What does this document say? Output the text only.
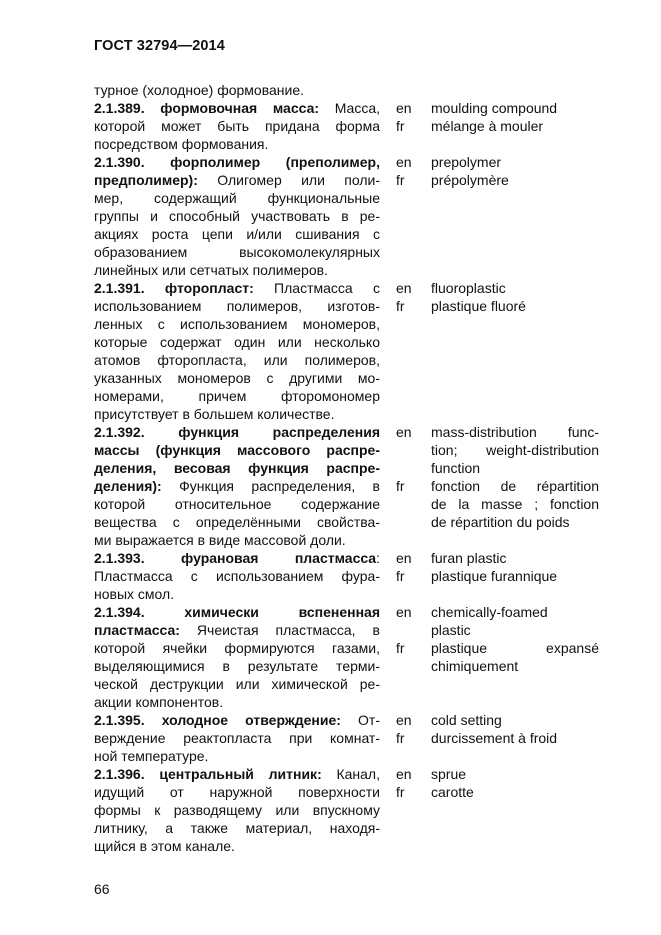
ГОСТ 32794—2014
турное (холодное) формование.
2.1.389. формовочная масса: Масса,
которой может быть придана форма
посредством формования.
en moulding compound
fr mélange à mouler
2.1.390. форполимер (преполимер,
предполимер): Олигомер или поли-
мер, содержащий функциональные
группы и способный участвовать в ре-
акциях роста цепи и/или сшивания с
образованием высокомолекулярных
линейных или сетчатых полимеров.
en prepolymer
fr prépolymère
2.1.391. фторопласт: Пластмасса с
использованием полимеров, изготов-
ленных с использованием мономеров,
которые содержат один или несколько
атомов фторопласта, или полимеров,
указанных мономеров с другими мо-
номерами, причем фторомономер
присутствует в большем количестве.
en fluoroplastic
fr plastique fluoré
2.1.392. функция распределения
массы (функция массового распре-
деления, весовая функция распре-
деления): Функция распределения, в
которой относительное содержание
вещества с определёнными свойства-
ми выражается в виде массовой доли.
en mass-distribution func-
tion; weight-distribution
function
fr fonction de répartition
de la masse ; fonction
de répartition du poids
2.1.393. фурановая пластмасса:
Пластмасса с использованием фура-
новых смол.
en furan plastic
fr plastique furannique
2.1.394. химически вспененная
пластмасса: Ячеистая пластмасса, в
которой ячейки формируются газами,
выделяющимися в результате терми-
ческой деструкции или химической ре-
акции компонентов.
en chemically-foamed
plastic
fr plastique expansé
chimiquement
2.1.395. холодное отверждение: От-
верждение реактопласта при комнат-
ной температуре.
en cold setting
fr durcissement à froid
2.1.396. центральный литник: Канал,
идущий от наружной поверхности
формы к разводящему или впускному
литнику, а также материал, находя-
щийся в этом канале.
en sprue
fr carotte
66
